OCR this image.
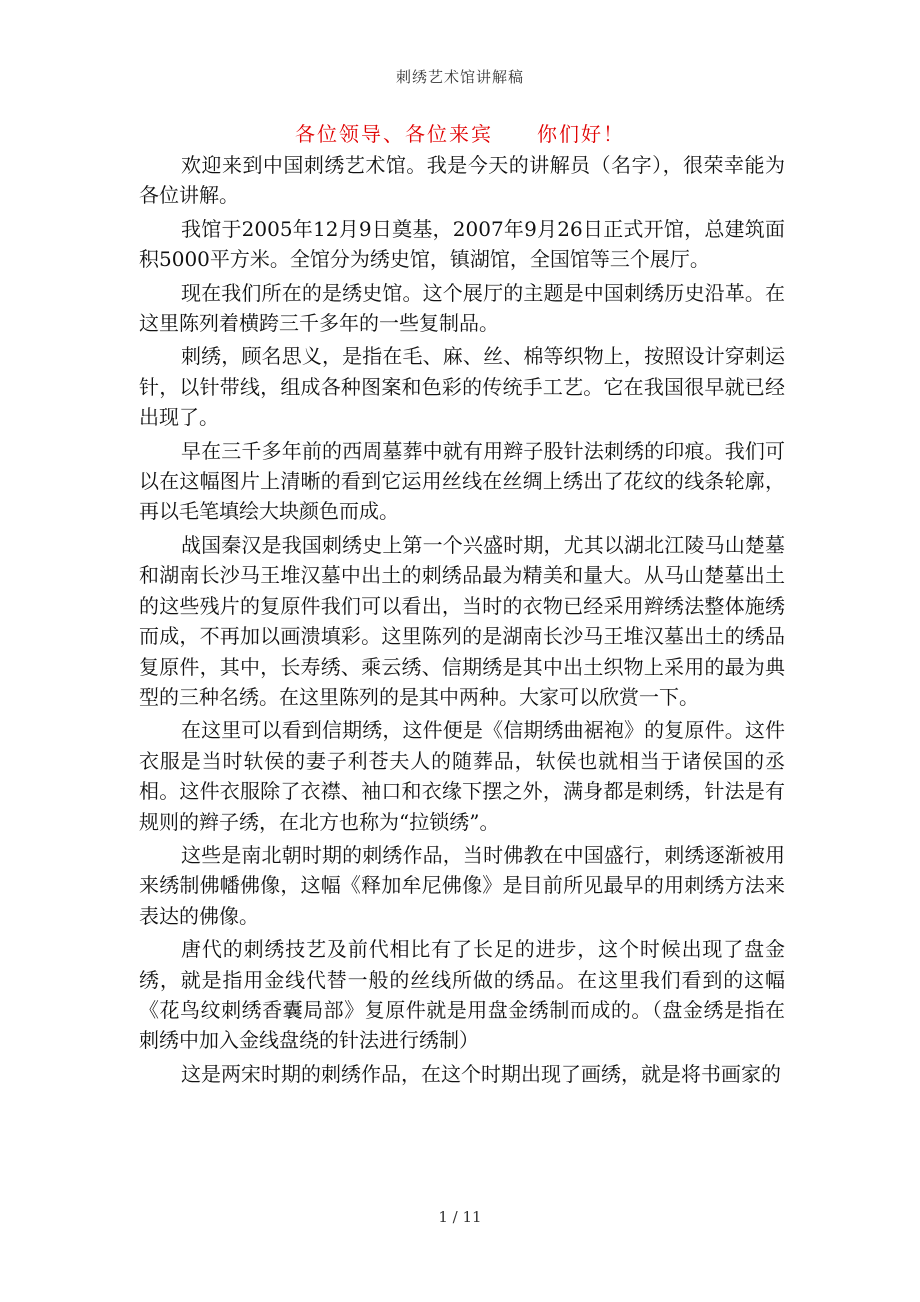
刺绣艺术馆讲解稿
各位领导、各位来宾　　你们好！

欢迎来到中国刺绣艺术馆。我是今天的讲解员（名字），很荣幸能为各位讲解。

我馆于2005年12月9日奠基，2007年9月26日正式开馆，总建筑面积5000平方米。全馆分为绣史馆，镇湖馆，全国馆等三个展厅。

现在我们所在的是绣史馆。这个展厅的主题是中国刺绣历史沿革。在这里陈列着横跨三千多年的一些复制品。

刺绣，顾名思义，是指在毛、麻、丝、棉等织物上，按照设计穿刺运针，以针带线，组成各种图案和色彩的传统手工艺。它在我国很早就已经出现了。

早在三千多年前的西周墓葬中就有用辫子股针法刺绣的印痕。我们可以在这幅图片上清晰的看到它运用丝线在丝绸上绣出了花纹的线条轮廓，再以毛笔填绘大块颜色而成。

战国秦汉是我国刺绣史上第一个兴盛时期，尤其以湖北江陵马山楚墓和湖南长沙马王堆汉墓中出土的刺绣品最为精美和量大。从马山楚墓出土的这些残片的复原件我们可以看出，当时的衣物已经采用辫绣法整体施绣而成，不再加以画溃填彩。这里陈列的是湖南长沙马王堆汉墓出土的绣品复原件，其中，长寿绣、乘云绣、信期绣是其中出土织物上采用的最为典型的三种名绣。在这里陈列的是其中两种。大家可以欣赏一下。

在这里可以看到信期绣，这件便是《信期绣曲裾袍》的复原件。这件衣服是当时轪侯的妻子利苍夫人的随葬品，轪侯也就相当于诸侯国的丞相。这件衣服除了衣襟、袖口和衣缘下摆之外，满身都是刺绣，针法是有规则的辫子绣，在北方也称为“拉锁绣”。

这些是南北朝时期的刺绣作品，当时佛教在中国盛行，刺绣逐渐被用来绣制佛幡佛像，这幅《释加牟尼佛像》是目前所见最早的用刺绣方法来表达的佛像。

唐代的刺绣技艺及前代相比有了长足的进步，这个时候出现了盘金绣，就是指用金线代替一般的丝线所做的绣品。在这里我们看到的这幅《花鸟纹刺绣香囊局部》复原件就是用盘金绣制而成的。（盘金绣是指在刺绣中加入金线盘绕的针法进行绣制）

这是两宋时期的刺绣作品，在这个时期出现了画绣，就是将书画家的

1 / 11
